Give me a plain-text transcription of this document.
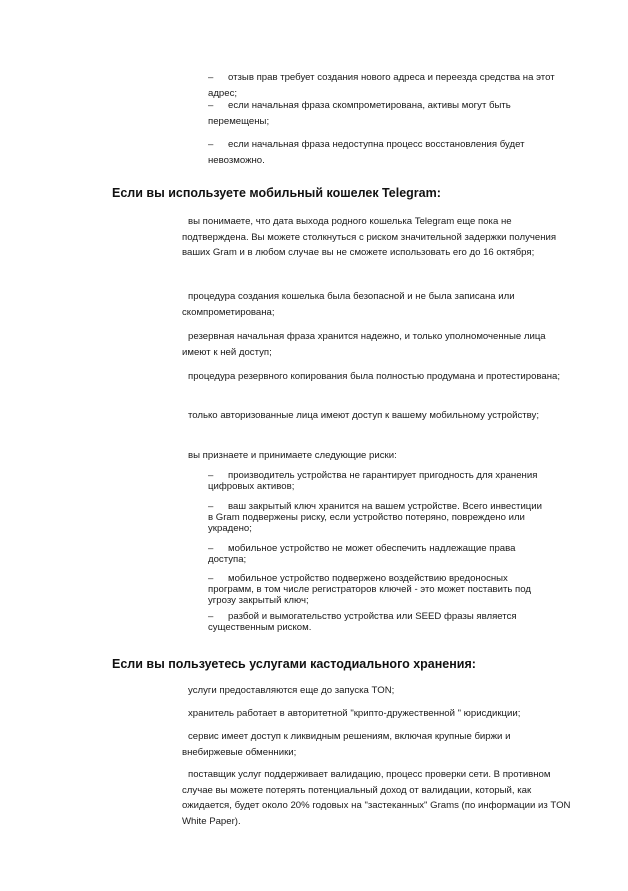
– отзыв прав требует создания нового адреса и переезда средства на этот адрес;

– если начальная фраза скомпрометирована, активы могут быть перемещены;

– если начальная фраза недоступна процесс восстановления будет невозможно.

Если вы используете мобильный кошелек Telegram:

вы понимаете, что дата выхода родного кошелька Telegram еще пока не подтверждена. Вы можете столкнуться с риском значительной задержки получения ваших Gram и в любом случае вы не сможете использовать его до 16 октября;

процедура создания кошелька была безопасной и не была записана или скомпрометирована;

резервная начальная фраза хранится надежно, и только уполномоченные лица имеют к ней доступ;

процедура резервного копирования была полностью продумана и протестирована;

только авторизованные лица имеют доступ к вашему мобильному устройству;

вы признаете и принимаете следующие риски:

– производитель устройства не гарантирует пригодность для хранения цифровых активов;

– ваш закрытый ключ хранится на вашем устройстве. Всего инвестиции в Gram подвержены риску, если устройство потеряно, повреждено или украдено;

– мобильное устройство не может обеспечить надлежащие права доступа;

– мобильное устройство подвержено воздействию вредоносных программ, в том числе регистраторов ключей - это может поставить под угрозу закрытый ключ;

– разбой и вымогательство устройства или SEED фразы является существенным риском.

Если вы пользуетесь услугами кастодиального хранения:

услуги предоставляются еще до запуска TON;

хранитель работает в авторитетной "крипто-дружественной " юрисдикции;

сервис имеет доступ к ликвидным решениям, включая крупные биржи и внебиржевые обменники;

поставщик услуг поддерживает валидацию, процесс проверки сети. В противном случае вы можете потерять потенциальный доход от валидации, который, как ожидается, будет около 20% годовых на "застеканных" Grams (по информации из TON White Paper).
